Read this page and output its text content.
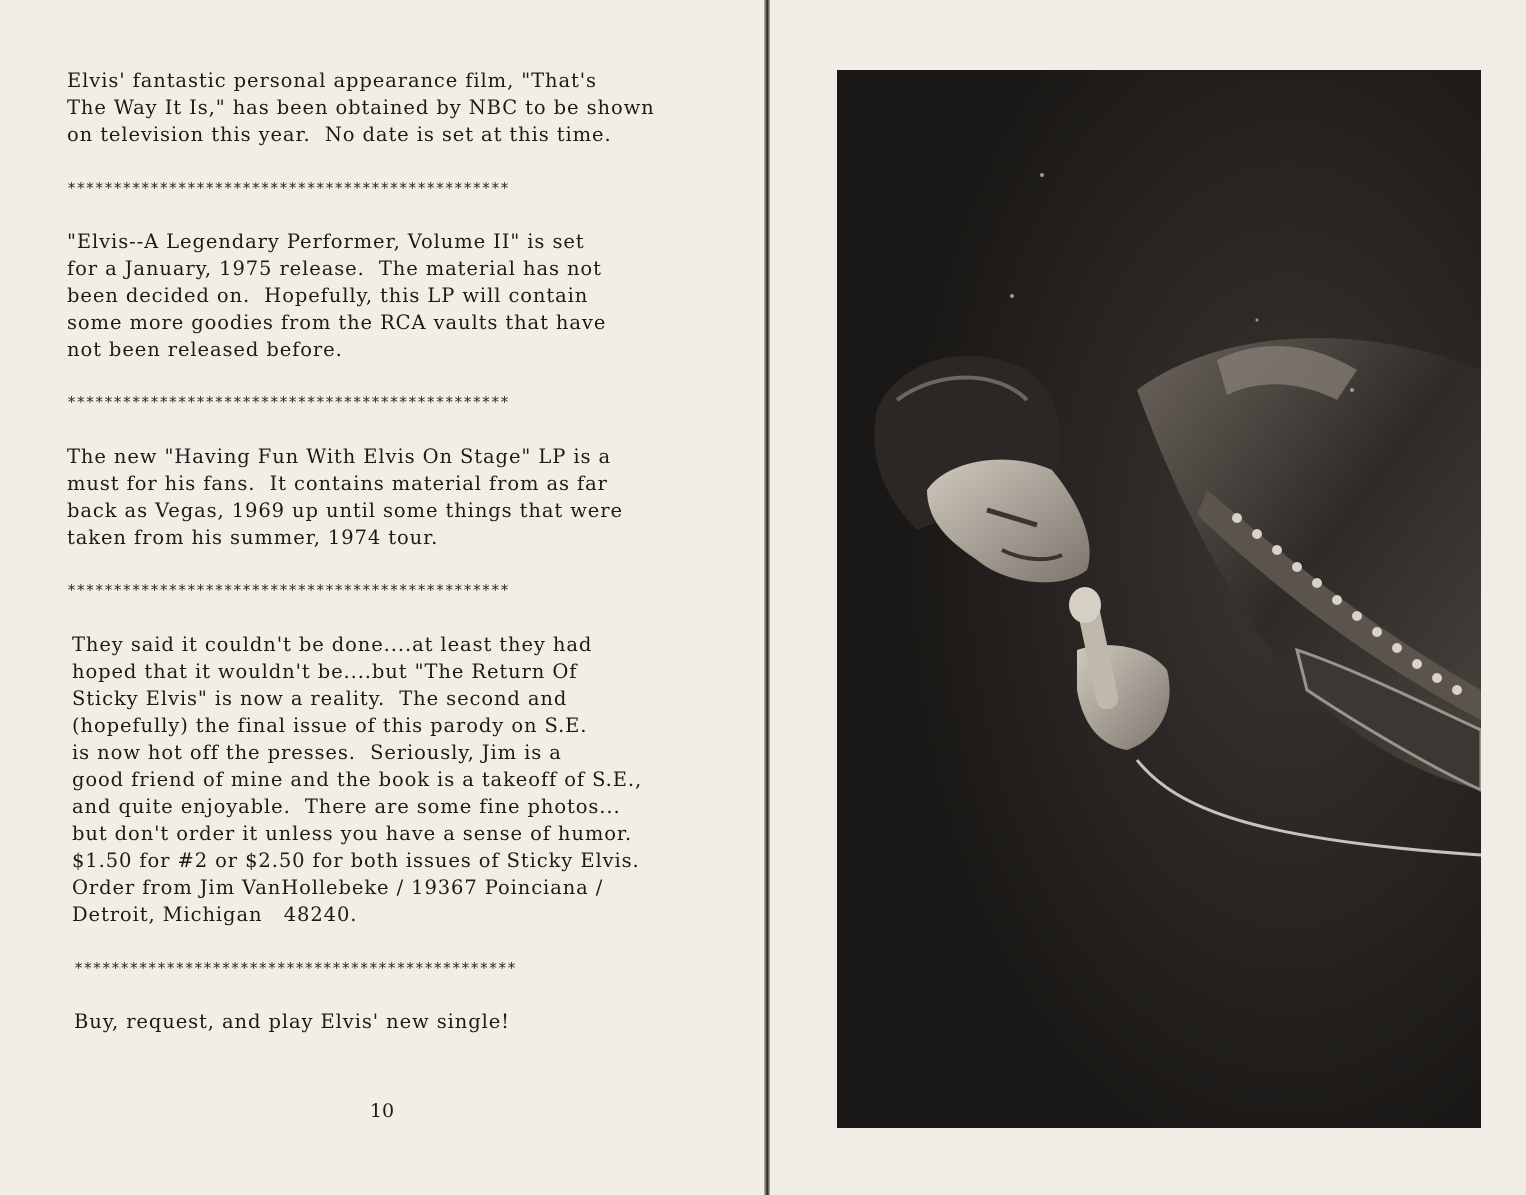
Elvis' fantastic personal appearance film, "That's
The Way It Is," has been obtained by NBC to be shown
on television this year.  No date is set at this time.
************************************************
"Elvis--A Legendary Performer, Volume II" is set
for a January, 1975 release.  The material has not
been decided on.  Hopefully, this LP will contain
some more goodies from the RCA vaults that have
not been released before.
************************************************
The new "Having Fun With Elvis On Stage" LP is a
must for his fans.  It contains material from as far
back as Vegas, 1969 up until some things that were
taken from his summer, 1974 tour.
************************************************
They said it couldn't be done....at least they had
hoped that it wouldn't be....but "The Return Of
Sticky Elvis" is now a reality.  The second and
(hopefully) the final issue of this parody on S.E.
is now hot off the presses.  Seriously, Jim is a
good friend of mine and the book is a takeoff of S.E.,
and quite enjoyable.  There are some fine photos...
but don't order it unless you have a sense of humor.
$1.50 for #2 or $2.50 for both issues of Sticky Elvis.
Order from Jim VanHollebeke / 19367 Poinciana /
Detroit, Michigan   48240.
************************************************
Buy, request, and play Elvis' new single!
10
